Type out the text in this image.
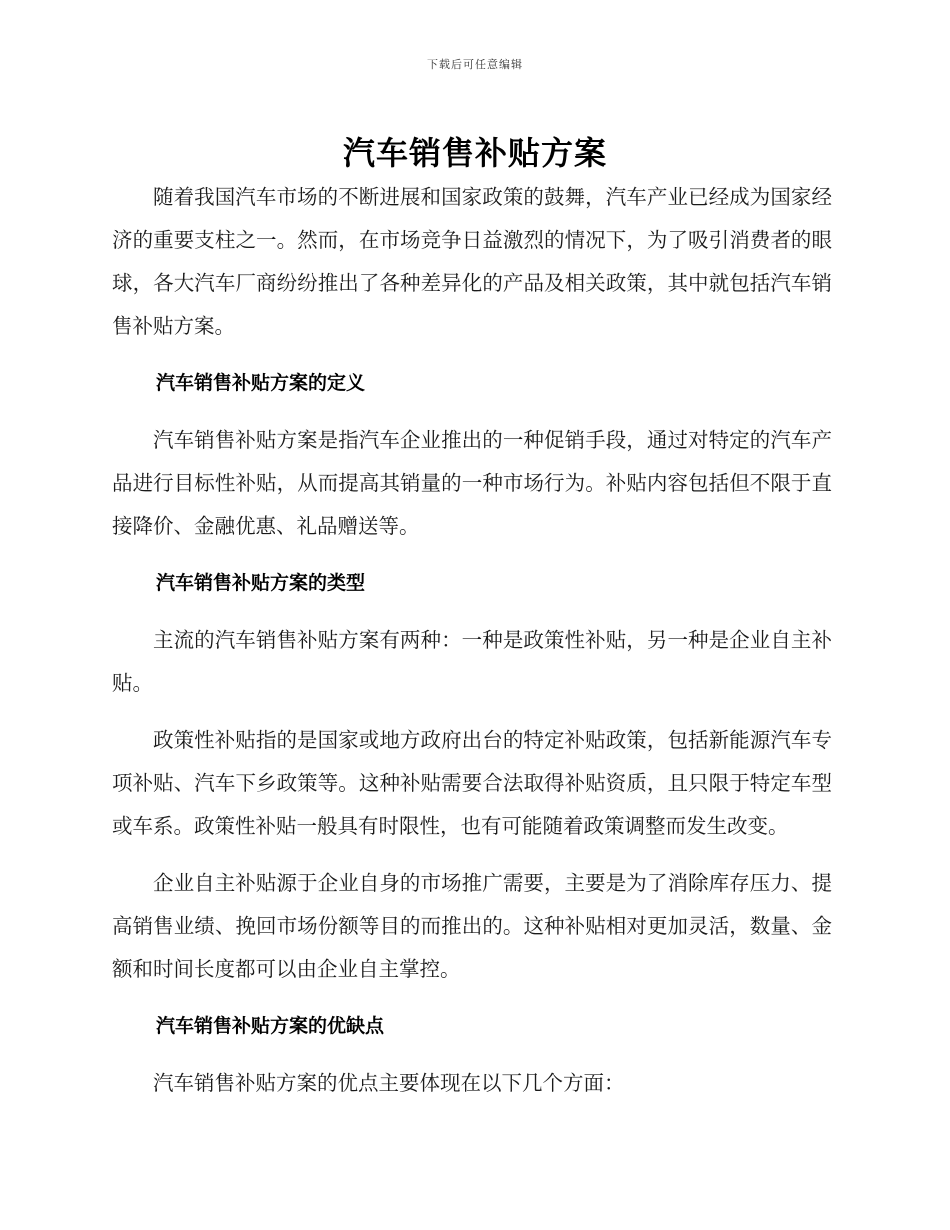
下载后可任意编辑
汽车销售补贴方案

随着我国汽车市场的不断进展和国家政策的鼓舞，汽车产业已经成为国家经济的重要支柱之一。然而，在市场竞争日益激烈的情况下，为了吸引消费者的眼球，各大汽车厂商纷纷推出了各种差异化的产品及相关政策，其中就包括汽车销售补贴方案。

汽车销售补贴方案的定义

汽车销售补贴方案是指汽车企业推出的一种促销手段，通过对特定的汽车产品进行目标性补贴，从而提高其销量的一种市场行为。补贴内容包括但不限于直接降价、金融优惠、礼品赠送等。

汽车销售补贴方案的类型

主流的汽车销售补贴方案有两种：一种是政策性补贴，另一种是企业自主补贴。

政策性补贴指的是国家或地方政府出台的特定补贴政策，包括新能源汽车专项补贴、汽车下乡政策等。这种补贴需要合法取得补贴资质，且只限于特定车型或车系。政策性补贴一般具有时限性，也有可能随着政策调整而发生改变。

企业自主补贴源于企业自身的市场推广需要，主要是为了消除库存压力、提高销售业绩、挽回市场份额等目的而推出的。这种补贴相对更加灵活，数量、金额和时间长度都可以由企业自主掌控。

汽车销售补贴方案的优缺点

汽车销售补贴方案的优点主要体现在以下几个方面：
